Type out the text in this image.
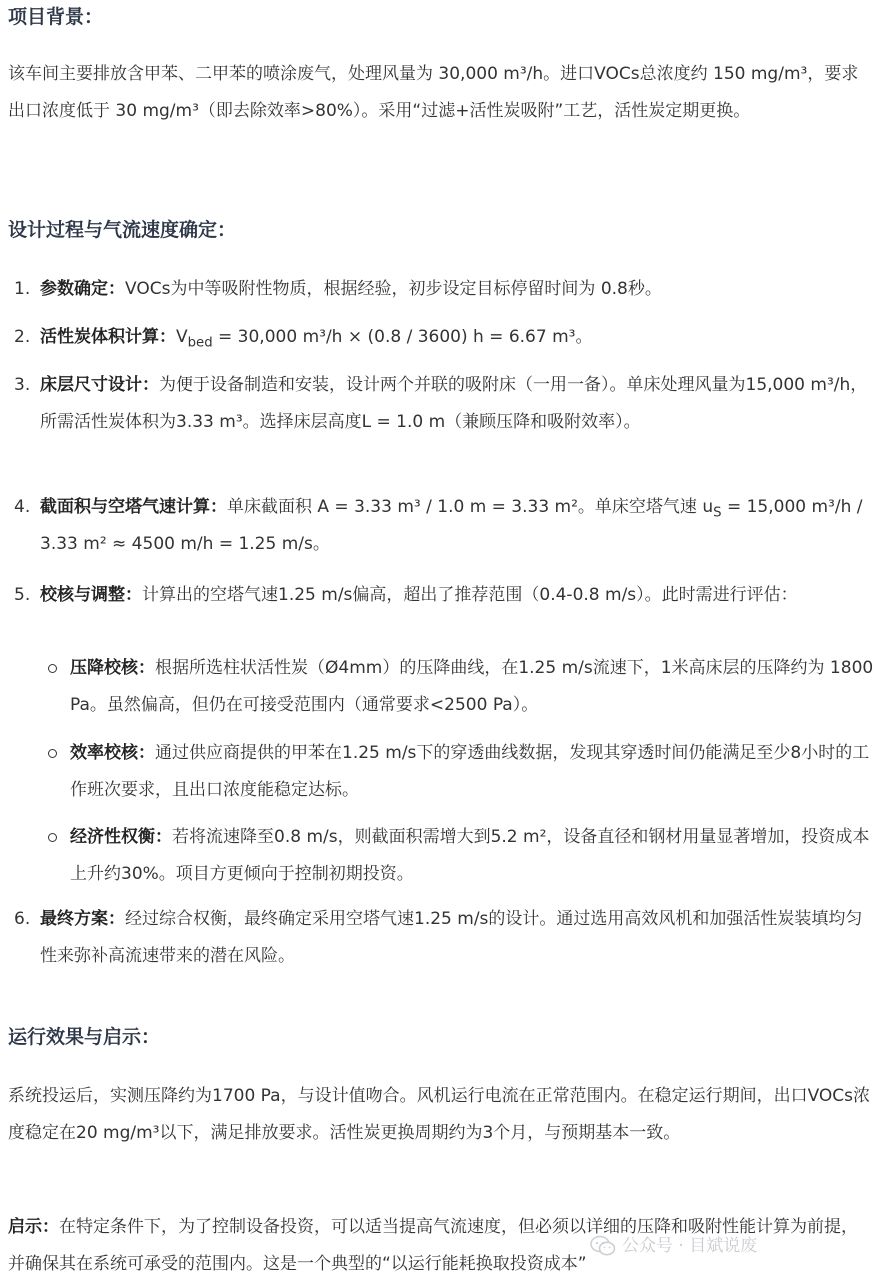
项目背景：

该车间主要排放含甲苯、二甲苯的喷涂废气，处理风量为 30,000 m³/h。进口VOCs总浓度约 150 mg/m³，要求出口浓度低于 30 mg/m³（即去除效率>80%）。采用“过滤+活性炭吸附”工艺，活性炭定期更换。

设计过程与气流速度确定：
1. 参数确定：VOCs为中等吸附性物质，根据经验，初步设定目标停留时间为 0.8秒。
2. 活性炭体积计算：$V_{bed} = 30,000$ m³/h × (0.8 / 3600) h = 6.67 m³。
3. 床层尺寸设计：为便于设备制造和安装，设计两个并联的吸附床（一用一备）。单床处理风量为15,000 m³/h，所需活性炭体积为3.33 m³。选择床层高度L = 1.0 m（兼顾压降和吸附效率）。
4. 截面积与空塔气速计算：单床截面积 A = 3.33 m³ / 1.0 m = 3.33 m²。单床空塔气速 $u_S = 15,000$ m³/h / 3.33 m² ≈ 4500 m/h = 1.25 m/s。
5. 校核与调整：计算出的空塔气速1.25 m/s偏高，超出了推荐范围（0.4-0.8 m/s）。此时需进行评估：
压降校核：根据所选柱状活性炭（Ø4mm）的压降曲线，在1.25 m/s流速下，1米高床层的压降约为 1800 Pa。虽然偏高，但仍在可接受范围内（通常要求<2500 Pa）。
效率校核：通过供应商提供的甲苯在1.25 m/s下的穿透曲线数据，发现其穿透时间仍能满足至少8小时的工作班次要求，且出口浓度能稳定达标。
经济性权衡：若将流速降至0.8 m/s，则截面积需增大到5.2 m²，设备直径和钢材用量显著增加，投资成本上升约30%。项目方更倾向于控制初期投资。
6. 最终方案：经过综合权衡，最终确定采用空塔气速1.25 m/s的设计。通过选用高效风机和加强活性炭装填均匀性来弥补高流速带来的潜在风险。
运行效果与启示：

系统投运后，实测压降约为1700 Pa，与设计值吻合。风机运行电流在正常范围内。在稳定运行期间，出口VOCs浓度稳定在20 mg/m³以下，满足排放要求。活性炭更换周期约为3个月，与预期基本一致。

启示：在特定条件下，为了控制设备投资，可以适当提高气流速度，但必须以详细的压降和吸附性能计算为前提，并确保其在系统可承受的范围内。这是一个典型的“以运行能耗换取投资成本”

公众号 · 目斌说废
